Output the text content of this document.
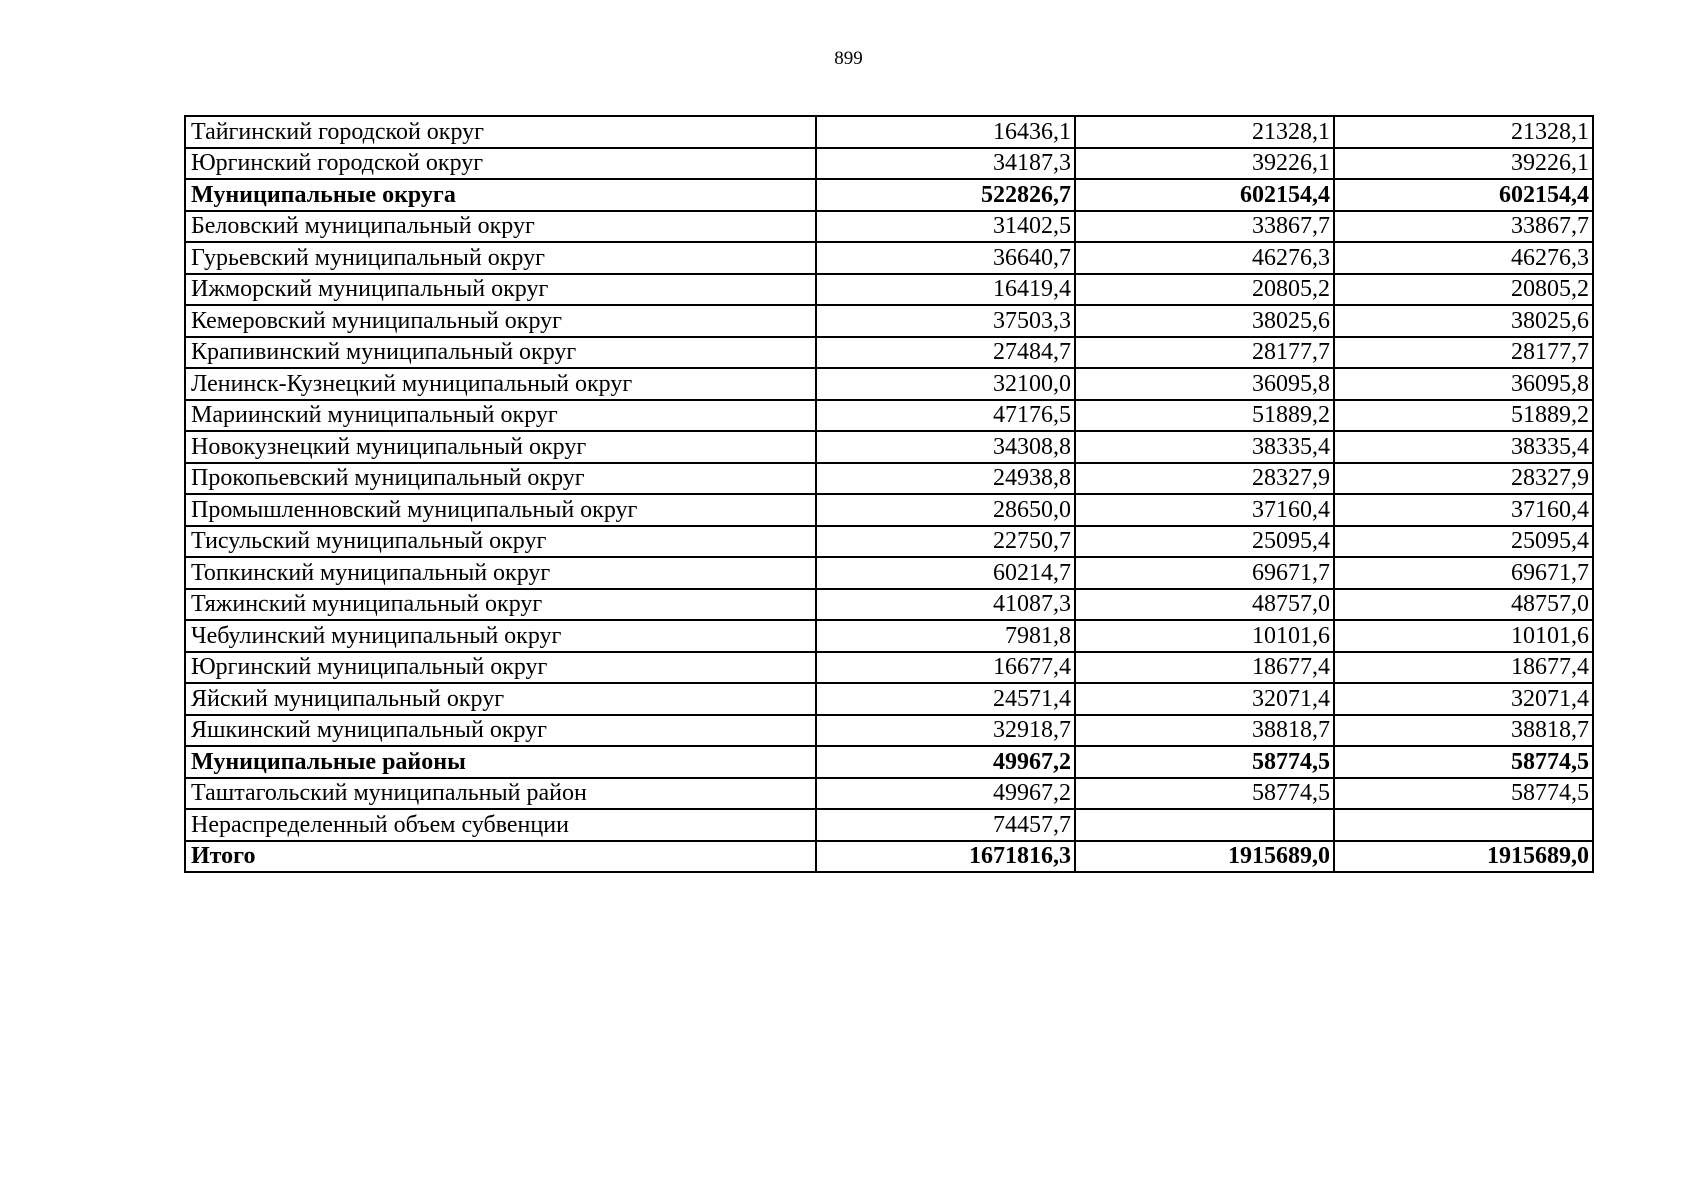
899
Тайгинский городской округ	16436,1	21328,1	21328,1
Юргинский городской округ	34187,3	39226,1	39226,1
Муниципальные округа	522826,7	602154,4	602154,4
Беловский муниципальный округ	31402,5	33867,7	33867,7
Гурьевский муниципальный округ	36640,7	46276,3	46276,3
Ижморский муниципальный округ	16419,4	20805,2	20805,2
Кемеровский муниципальный округ	37503,3	38025,6	38025,6
Крапивинский муниципальный округ	27484,7	28177,7	28177,7
Ленинск-Кузнецкий муниципальный округ	32100,0	36095,8	36095,8
Мариинский муниципальный округ	47176,5	51889,2	51889,2
Новокузнецкий муниципальный округ	34308,8	38335,4	38335,4
Прокопьевский муниципальный округ	24938,8	28327,9	28327,9
Промышленновский муниципальный округ	28650,0	37160,4	37160,4
Тисульский муниципальный округ	22750,7	25095,4	25095,4
Топкинский муниципальный округ	60214,7	69671,7	69671,7
Тяжинский муниципальный округ	41087,3	48757,0	48757,0
Чебулинский муниципальный округ	7981,8	10101,6	10101,6
Юргинский муниципальный округ	16677,4	18677,4	18677,4
Яйский муниципальный округ	24571,4	32071,4	32071,4
Яшкинский муниципальный округ	32918,7	38818,7	38818,7
Муниципальные районы	49967,2	58774,5	58774,5
Таштагольский муниципальный район	49967,2	58774,5	58774,5
Нераспределенный объем субвенции	74457,7		
Итого	1671816,3	1915689,0	1915689,0
